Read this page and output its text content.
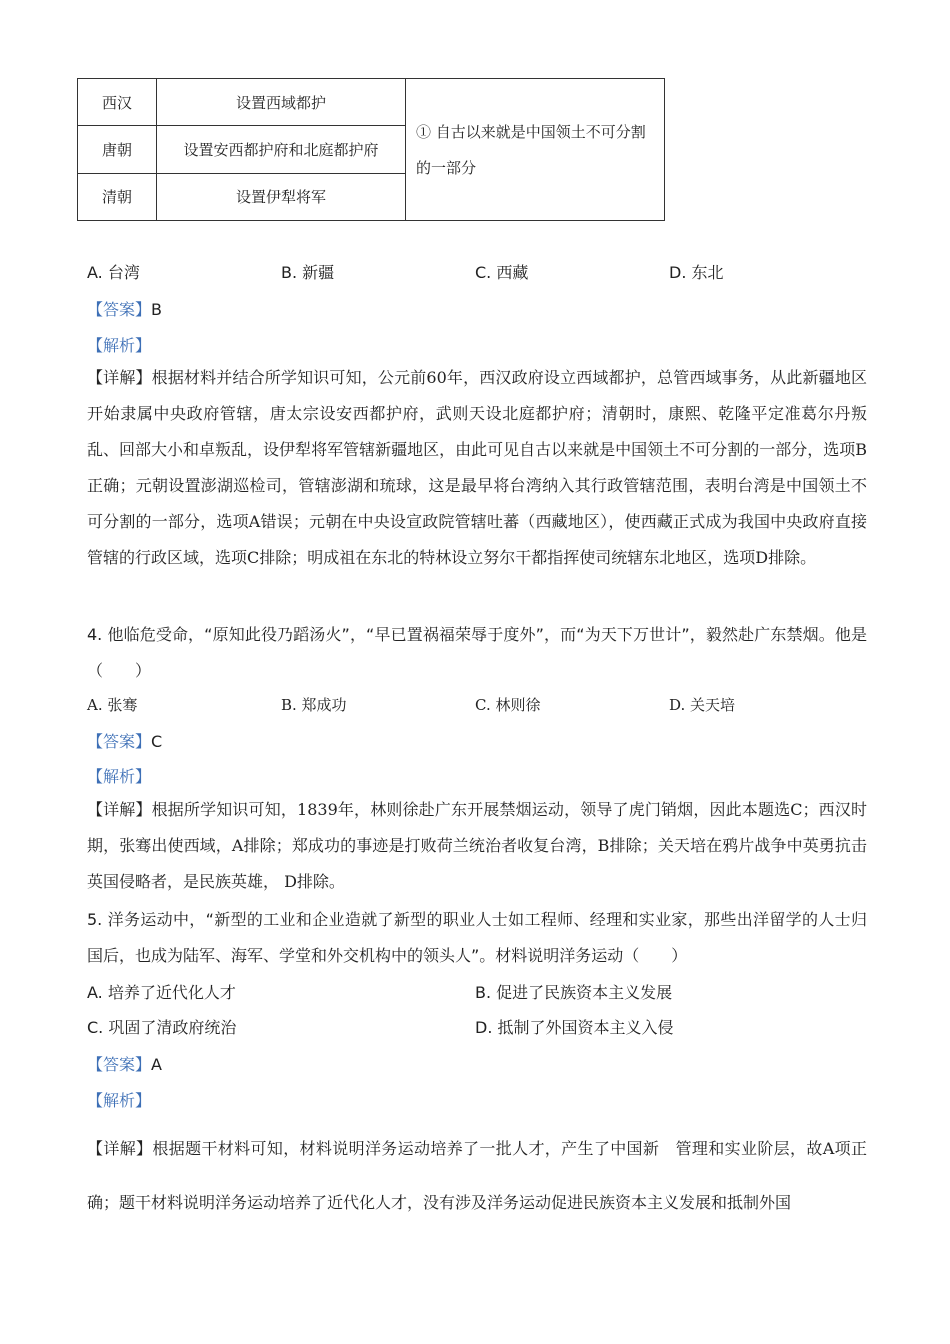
西汉	设置西域都护	① 自古以来就是中国领土不可分割的一部分
唐朝	设置安西都护府和北庭都护府	
清朝	设置伊犁将军	
A. 台湾	B. 新疆	C. 西藏	D. 东北
【答案】B
【解析】
【详解】根据材料并结合所学知识可知，公元前60年，西汉政府设立西域都护，总管西域事务，从此新疆地区开始隶属中央政府管辖，唐太宗设安西都护府，武则天设北庭都护府；清朝时，康熙、乾隆平定准葛尔丹叛乱、回部大小和卓叛乱，设伊犁将军管辖新疆地区，由此可见自古以来就是中国领土不可分割的一部分，选项B正确；元朝设置澎湖巡检司，管辖澎湖和琉球，这是最早将台湾纳入其行政管辖范围，表明台湾是中国领土不可分割的一部分，选项A错误；元朝在中央设宣政院管辖吐蕃（西藏地区），使西藏正式成为我国中央政府直接管辖的行政区域，选项C排除；明成祖在东北的特林设立努尔干都指挥使司统辖东北地区，选项D排除。
4. 他临危受命，“原知此役乃蹈汤火”，“早已置祸福荣辱于度外”，而“为天下万世计”，毅然赴广东禁烟。他是（　　）
A. 张骞	B. 郑成功	C. 林则徐	D. 关天培
【答案】C
【解析】
【详解】根据所学知识可知，1839年，林则徐赴广东开展禁烟运动，领导了虎门销烟，因此本题选C；西汉时期，张骞出使西域，A排除；郑成功的事迹是打败荷兰统治者收复台湾，B排除；关天培在鸦片战争中英勇抗击英国侵略者，是民族英雄， D排除。
5. 洋务运动中，“新型的工业和企业造就了新型的职业人士如工程师、经理和实业家，那些出洋留学的人士归国后，也成为陆军、海军、学堂和外交机构中的领头人”。材料说明洋务运动（　　）
A. 培养了近代化人才	B. 促进了民族资本主义发展
C. 巩固了清政府统治	D. 抵制了外国资本主义入侵
【答案】A
【解析】
【详解】根据题干材料可知，材料说明洋务运动培养了一批人才，产生了中国新　管理和实业阶层，故A项正确；题干材料说明洋务运动培养了近代化人才，没有涉及洋务运动促进民族资本主义发展和抵制外国
